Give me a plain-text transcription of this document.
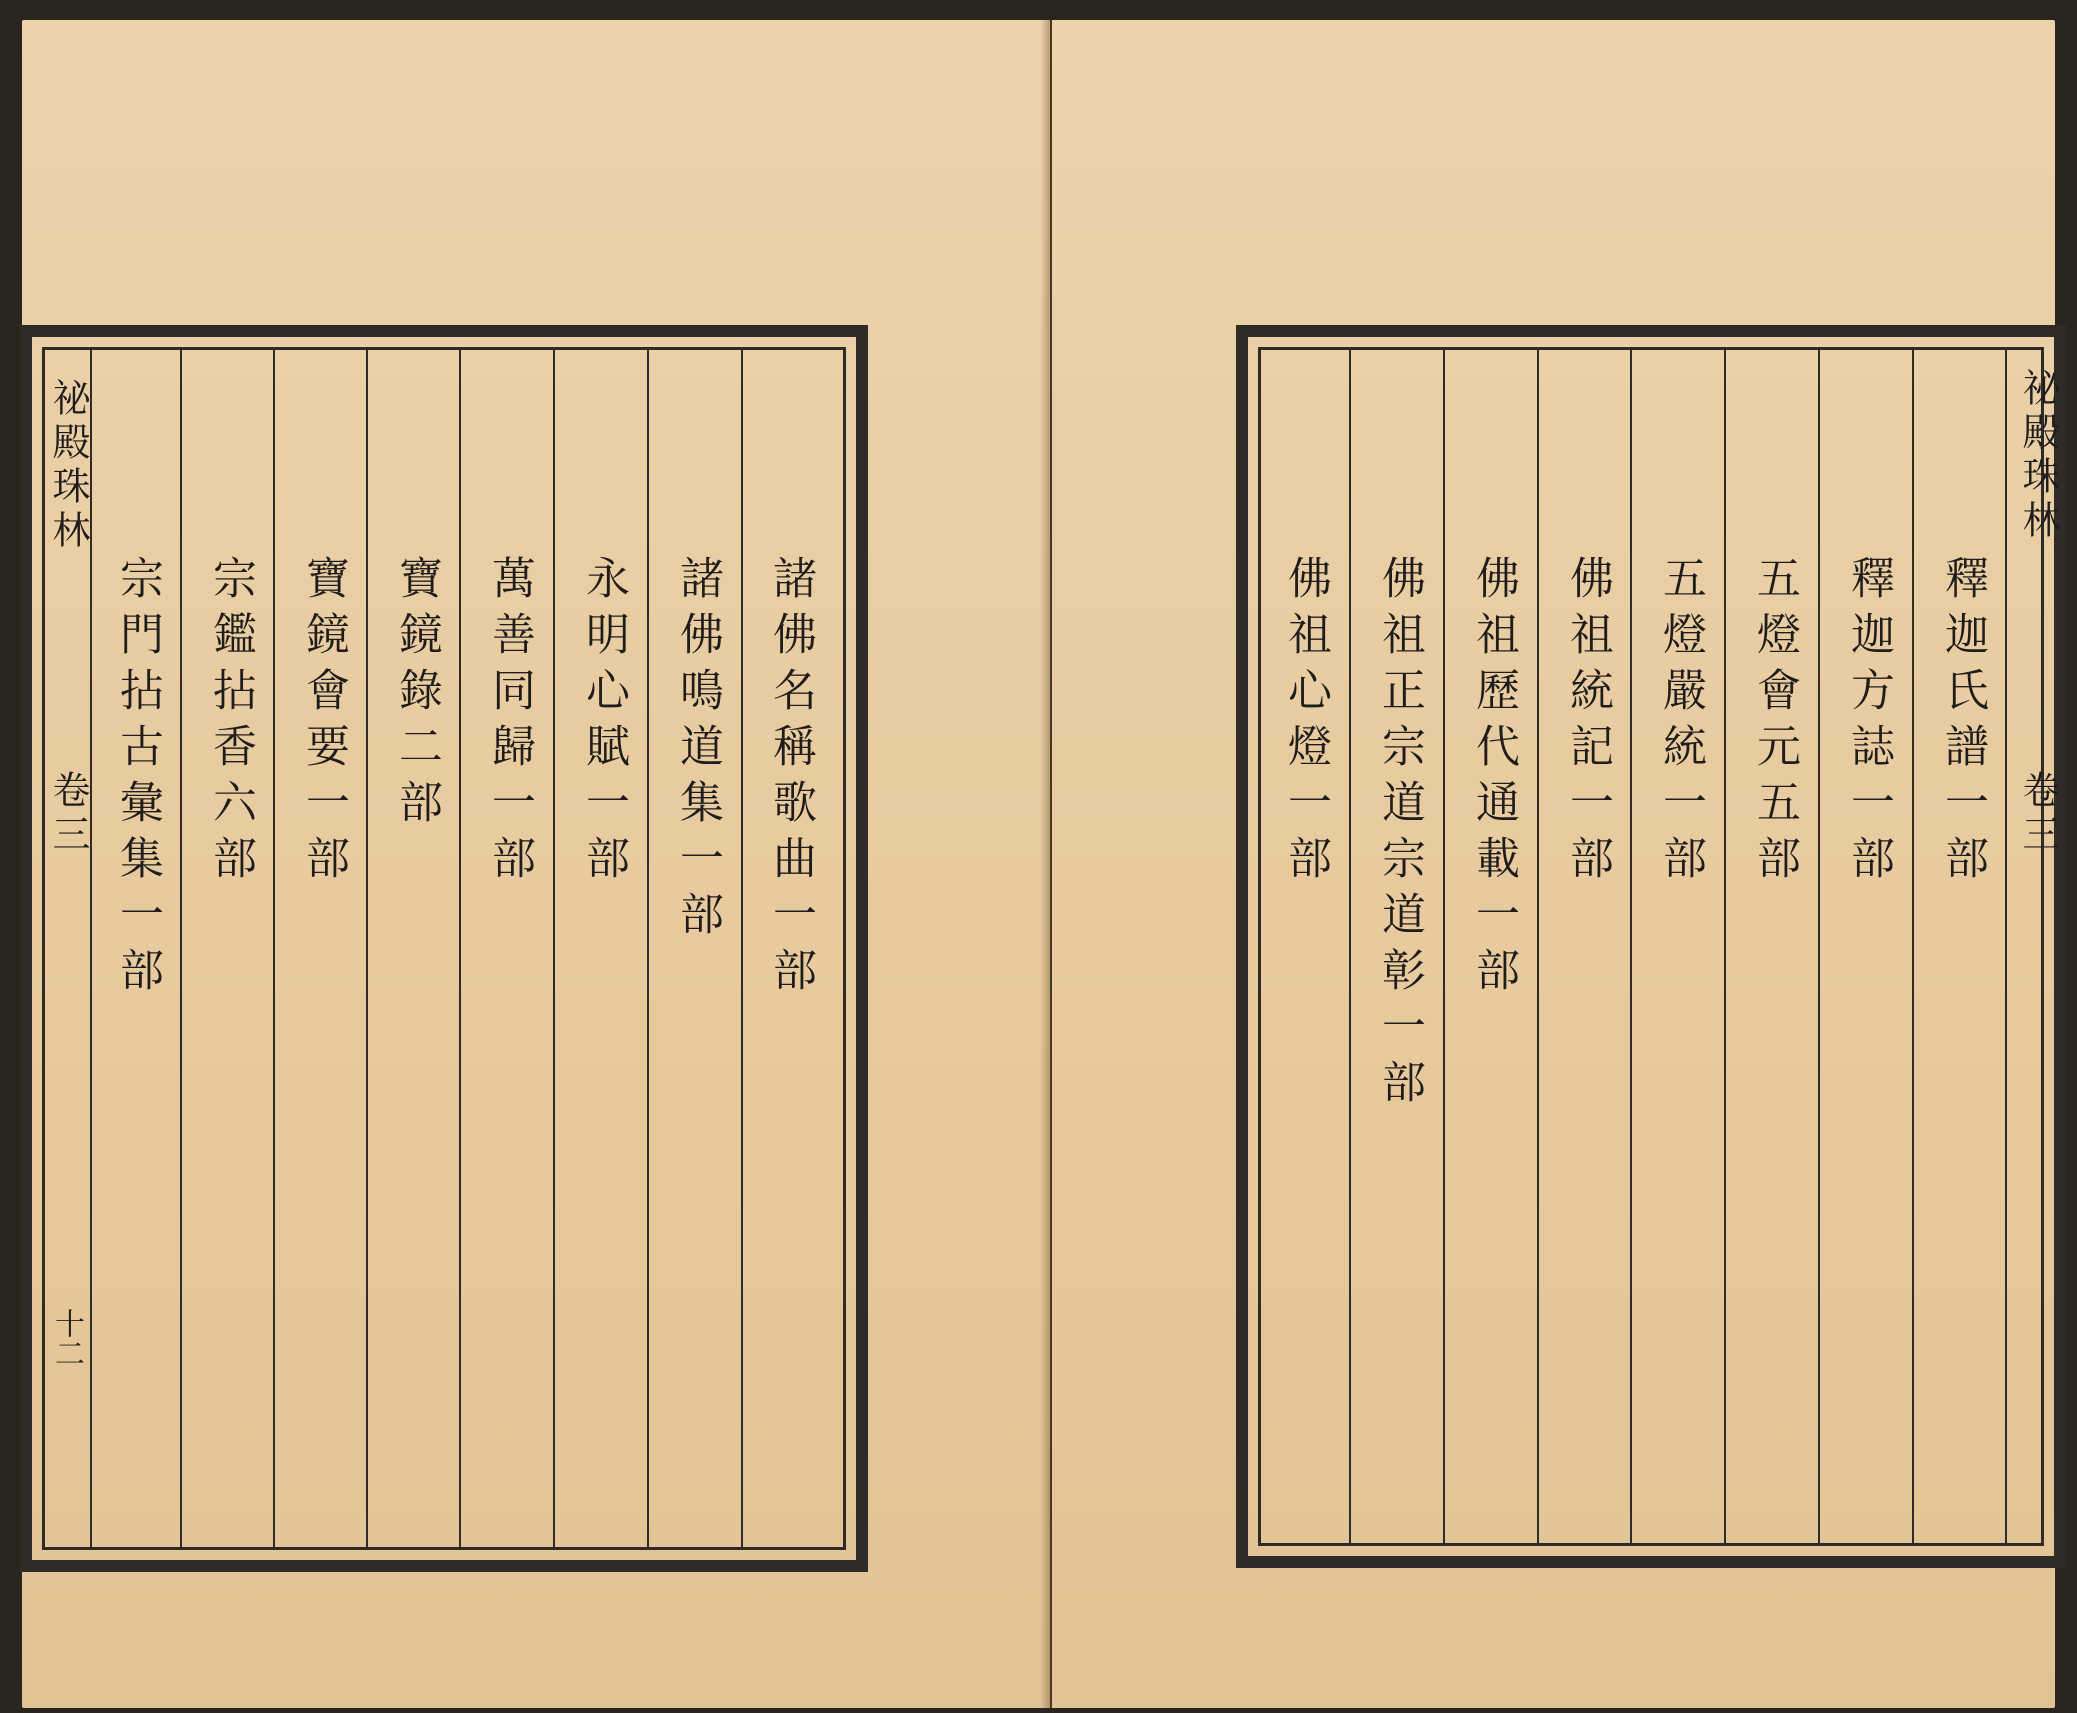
祕殿珠林
卷三
十二
諸佛名稱歌曲一部
諸佛鳴道集一部
永明心賦一部
萬善同歸一部
寶鏡錄二部
寶鏡會要一部
宗鑑拈香六部
宗門拈古彙集一部
祕殿珠林
卷三
釋迦氏譜一部
釋迦方誌一部
五燈會元五部
五燈嚴統一部
佛祖統記一部
佛祖歷代通載一部
佛祖正宗道宗道彰一部
佛祖心燈一部
